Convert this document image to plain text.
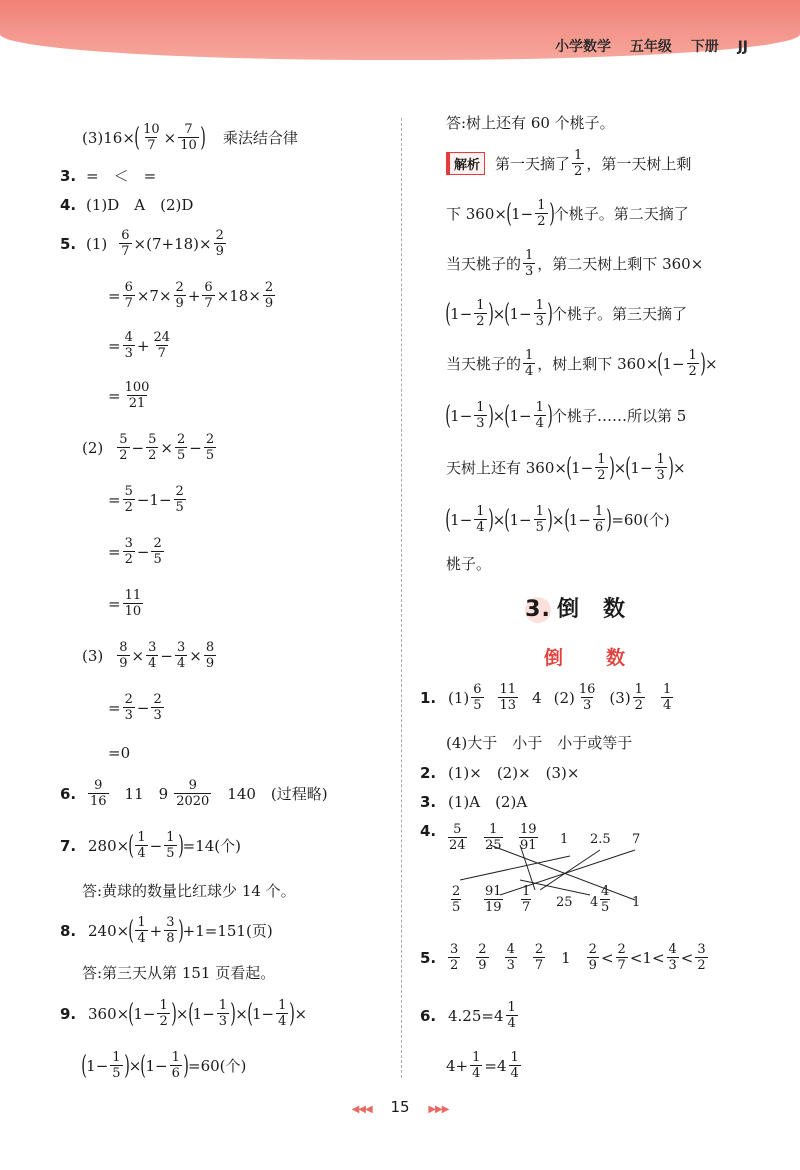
小学数学 五年级 下册 JJ
(3)16× ( $\frac{10}{7} \times \frac{7}{10}$ ) 乘法结合律
3. =　＜　=
4. (1)D　A　(2)D
5. $(1) \frac{6}{7} \times(7+18)\times \frac{2}{9}$
= $\frac{6}{7} \times 7\times \frac{2}{9} + \frac{6}{7} \times 18\times \frac{2}{9}$
= $\frac{4}{3} + \frac{24}{7}$
= $\frac{100}{21}$
(2) 5
$2 - \frac{5}{2} \times \frac{2}{5} - \frac{2}{5}$
= $\frac{5}{2} -1- \frac{2}{5}$
= $\frac{3}{2} - \frac{2}{5}$
= $\frac{11}{10}$
$(3) \frac{8}{9} \times \frac{3}{4} - \frac{3}{4} \times \frac{8}{9}$
= $\frac{2}{3} - \frac{2}{3}$
=0
6.	9
16 11　9 9
2020 140　(过程略)
7. 280× ( 1
$4 - \frac{1}{5}$ ) =14(个)
答:黄球的数量比红球少 14 个。
8. 240× ( 1
$4 + \frac{3}{8}$ ) +1=151(页)
答:第三天从第 151 页看起。
9. 360× ( $1 - \frac{1}{2}$ ) × ( $1 - \frac{1}{3}$ ) × ( $1 - \frac{1}{4}$ ) ×
( $1 - \frac{1}{5}$ ) × ( $1 - \frac{1}{6}$ ) =60(个)
答:树上还有 60 个桃子。
解析	第一天摘了 1
2 ，第一天树上剩
下 360× ( $1 - \frac{1}{2}$ ) 个桃子。第二天摘了
当天桃子的 1
3 ，第二天树上剩下 360×
( $1 - \frac{1}{2}$ ) × ( $1 - \frac{1}{3}$ ) 个桃子。第三天摘了
当天桃子的 1
4 ，树上剩下 360× ( $1 - \frac{1}{2}$ ) ×
( $1 - \frac{1}{3}$ ) × ( $1 - \frac{1}{4}$ ) 个桃子……所以第 5
天树上还有 360× ( $1 - \frac{1}{2}$ ) × ( $1 - \frac{1}{3}$ ) ×
( $1 - \frac{1}{4}$ ) × ( $1 - \frac{1}{5}$ ) × ( $1 - \frac{1}{6}$ ) =60(个)
桃子。
3. 倒　数
倒　数
1. (1) 6
5
11
13 4 (2) 16
3 (3) 1
2
1
4
(4)大于　小于　小于或等于
2. (1)×　(2)×　(3)×
3. (1)A　(2)A
4.	5
24
1
25
19
91 1 2.5 7
2
5
91
19
1
7 25 4
4
5 1
5.	3
2
2
9
4
3
2
7 1 2
9 < 2
7 < 1 < 4
3 < 3
2
6. 4.25=4 1
4
$4+ \frac{1}{4} =4$ 1
4
◀◀◀ 15 ▶▶▶
